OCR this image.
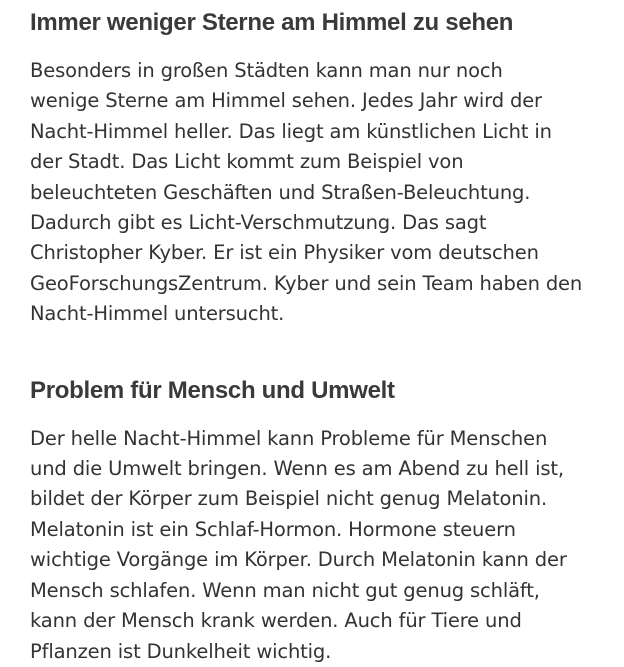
Immer weniger Sterne am Himmel zu sehen

Besonders in großen Städten kann man nur noch
wenige Sterne am Himmel sehen. Jedes Jahr wird der
Nacht-Himmel heller. Das liegt am künstlichen Licht in
der Stadt. Das Licht kommt zum Beispiel von
beleuchteten Geschäften und Straßen-Beleuchtung.
Dadurch gibt es Licht-Verschmutzung. Das sagt
Christopher Kyber. Er ist ein Physiker vom deutschen
GeoForschungsZentrum. Kyber und sein Team haben den
Nacht-Himmel untersucht.

Problem für Mensch und Umwelt

Der helle Nacht-Himmel kann Probleme für Menschen
und die Umwelt bringen. Wenn es am Abend zu hell ist,
bildet der Körper zum Beispiel nicht genug Melatonin.
Melatonin ist ein Schlaf-Hormon. Hormone steuern
wichtige Vorgänge im Körper. Durch Melatonin kann der
Mensch schlafen. Wenn man nicht gut genug schläft,
kann der Mensch krank werden. Auch für Tiere und
Pflanzen ist Dunkelheit wichtig.
